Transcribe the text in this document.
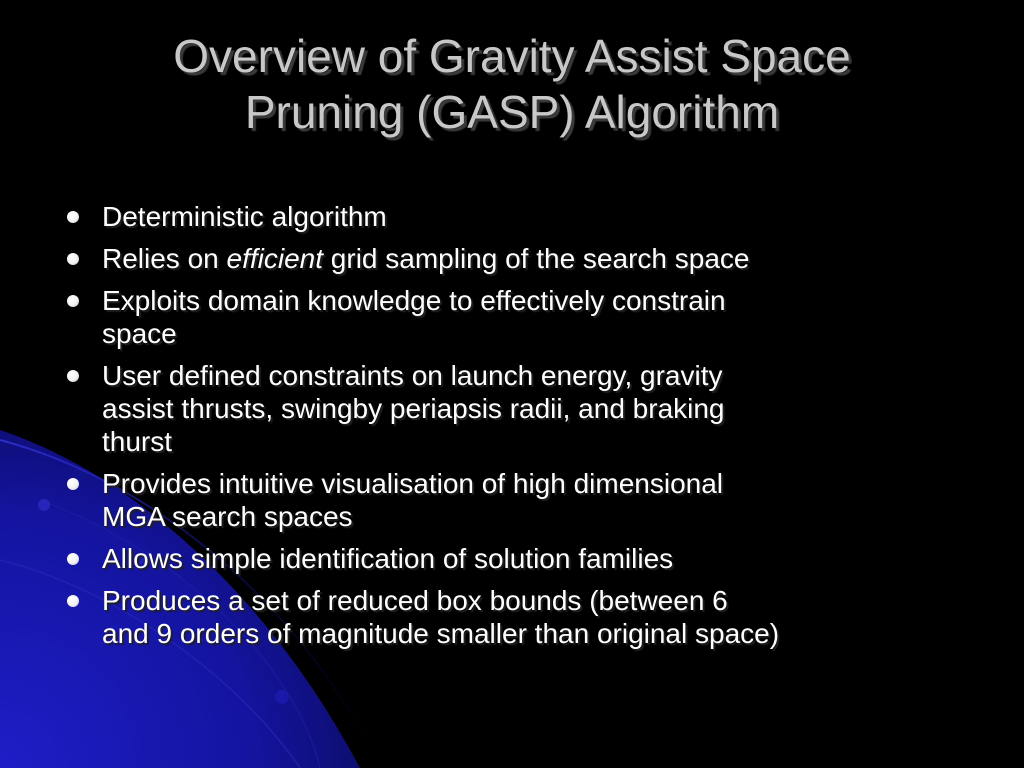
Overview of Gravity Assist Space
Pruning (GASP) Algorithm
Deterministic algorithm
Relies on efficient grid sampling of the search space
Exploits domain knowledge to effectively constrain
space
User defined constraints on launch energy, gravity
assist thrusts, swingby periapsis radii, and braking
thurst
Provides intuitive visualisation of high dimensional
MGA search spaces
Allows simple identification of solution families
Produces a set of reduced box bounds (between 6
and 9 orders of magnitude smaller than original space)
